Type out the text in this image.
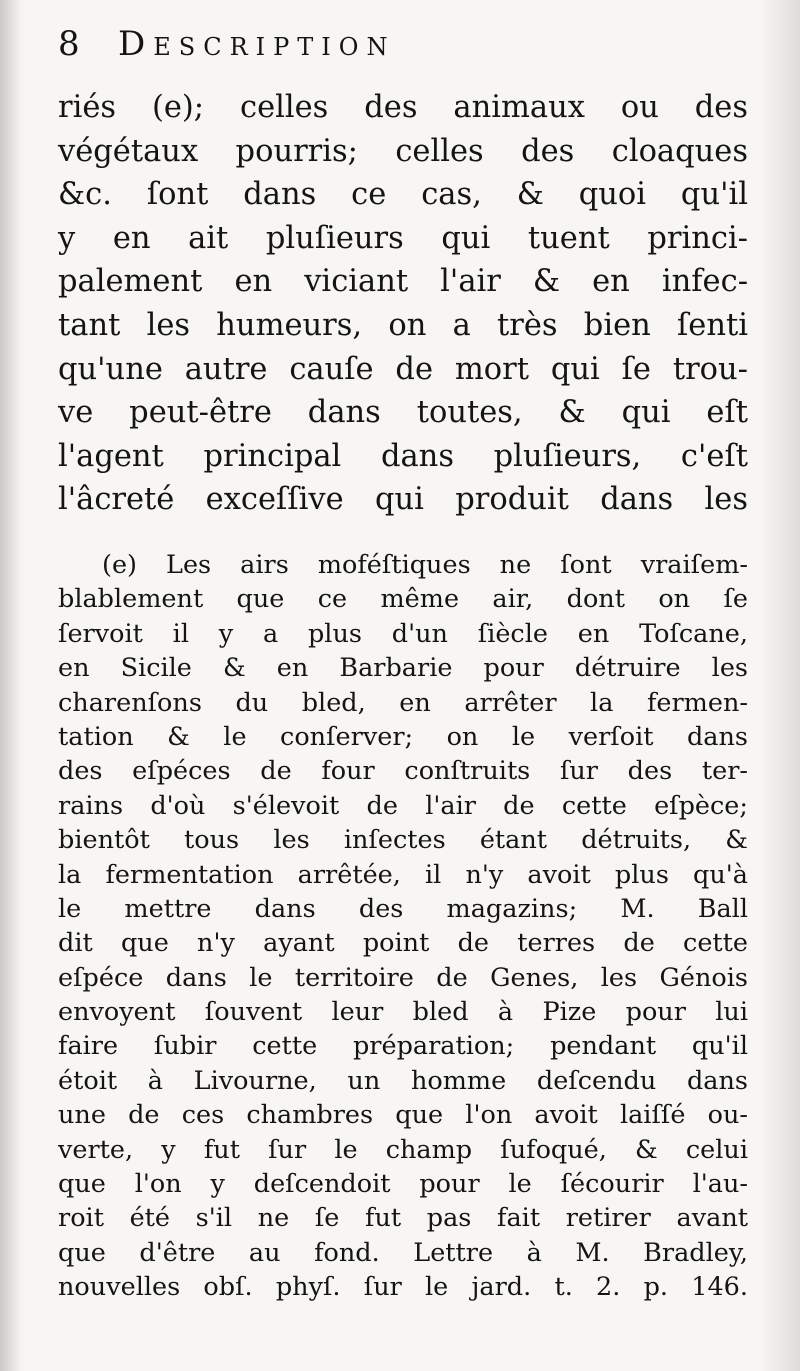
8 Description
riés (e); celles des animaux ou des
végétaux pourris; celles des cloaques
&c. ſont dans ce cas, & quoi qu'il
y en ait pluſieurs qui tuent princi-
palement en viciant l'air & en infec-
tant les humeurs, on a très bien ſenti
qu'une autre cauſe de mort qui ſe trou-
ve peut-être dans toutes, & qui eſt
l'agent principal dans pluſieurs, c'eſt
l'âcreté exceſſive qui produit dans les
(e) Les airs moféſtiques ne ſont vraiſem-
blablement que ce même air, dont on ſe
ſervoit il y a plus d'un ſiècle en Toſcane,
en Sicile & en Barbarie pour détruire les
charenſons du bled, en arrêter la fermen-
tation & le conſerver; on le verſoit dans
des eſpéces de four conſtruits ſur des ter-
rains d'où s'élevoit de l'air de cette eſpèce;
bientôt tous les inſectes étant détruits, &
la fermentation arrêtée, il n'y avoit plus qu'à
le mettre dans des magazins; M. Ball
dit que n'y ayant point de terres de cette
eſpéce dans le territoire de Genes, les Génois
envoyent ſouvent leur bled à Pize pour lui
faire ſubir cette préparation; pendant qu'il
étoit à Livourne, un homme deſcendu dans
une de ces chambres que l'on avoit laiſſé ou-
verte, y fut ſur le champ ſufoqué, & celui
que l'on y deſcendoit pour le ſécourir l'au-
roit été s'il ne ſe fut pas fait retirer avant
que d'être au fond. Lettre à M. Bradley,
nouvelles obſ. phyſ. ſur le jard. t. 2. p. 146.
